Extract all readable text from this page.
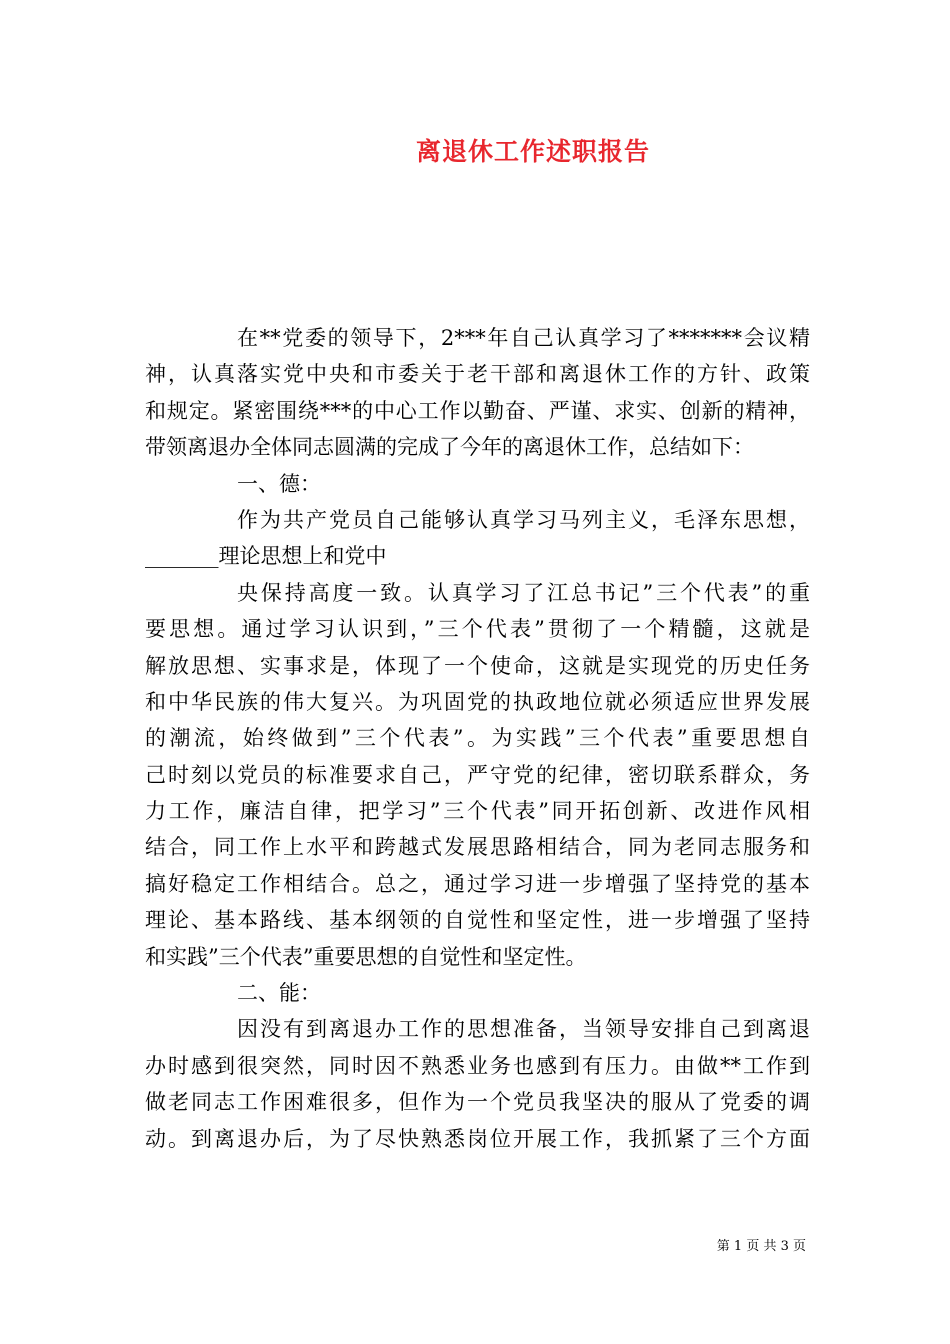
离退休工作述职报告
在**党委的领导下，2***年自己认真学习了*******会议精
神，认真落实党中央和市委关于老干部和离退休工作的方针、政策
和规定。紧密围绕***的中心工作以勤奋、严谨、求实、创新的精神，
带领离退办全体同志圆满的完成了今年的离退休工作，总结如下：
一、德：
作为共产党员自己能够认真学习马列主义，毛泽东思想，
_______理论思想上和党中
央保持高度一致。认真学习了江总书记”三个代表”的重
要思想。通过学习认识到，”三个代表”贯彻了一个精髓，这就是
解放思想、实事求是，体现了一个使命，这就是实现党的历史任务
和中华民族的伟大复兴。为巩固党的执政地位就必须适应世界发展
的潮流，始终做到”三个代表”。为实践”三个代表”重要思想自
己时刻以党员的标准要求自己，严守党的纪律，密切联系群众，务
力工作，廉洁自律，把学习”三个代表”同开拓创新、改进作风相
结合，同工作上水平和跨越式发展思路相结合，同为老同志服务和
搞好稳定工作相结合。总之，通过学习进一步增强了坚持党的基本
理论、基本路线、基本纲领的自觉性和坚定性，进一步增强了坚持
和实践”三个代表”重要思想的自觉性和坚定性。
二、能：
因没有到离退办工作的思想准备，当领导安排自己到离退
办时感到很突然，同时因不熟悉业务也感到有压力。由做**工作到
做老同志工作困难很多，但作为一个党员我坚决的服从了党委的调
动。到离退办后，为了尽快熟悉岗位开展工作，我抓紧了三个方面
第 1 页 共 3 页
